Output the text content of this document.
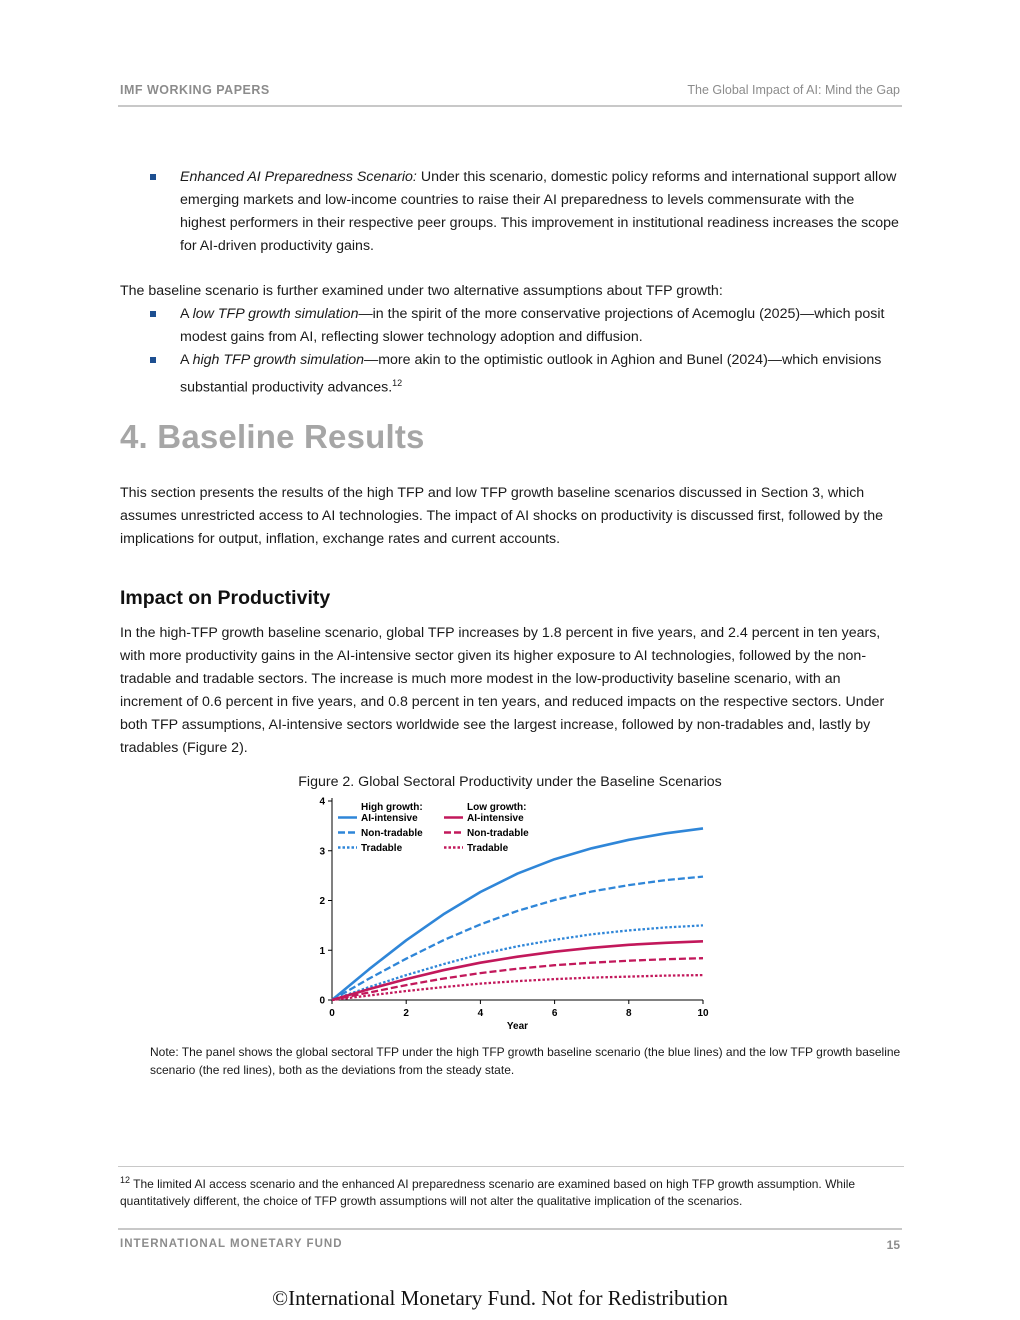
IMF WORKING PAPERS	The Global Impact of AI: Mind the Gap
Enhanced AI Preparedness Scenario: Under this scenario, domestic policy reforms and international support allow emerging markets and low-income countries to raise their AI preparedness to levels commensurate with the highest performers in their respective peer groups. This improvement in institutional readiness increases the scope for AI-driven productivity gains.
The baseline scenario is further examined under two alternative assumptions about TFP growth:
A low TFP growth simulation—in the spirit of the more conservative projections of Acemoglu (2025)—which posit modest gains from AI, reflecting slower technology adoption and diffusion.
A high TFP growth simulation—more akin to the optimistic outlook in Aghion and Bunel (2024)—which envisions substantial productivity advances.$^{12}$
4. Baseline Results
This section presents the results of the high TFP and low TFP growth baseline scenarios discussed in Section 3, which assumes unrestricted access to AI technologies. The impact of AI shocks on productivity is discussed first, followed by the implications for output, inflation, exchange rates and current accounts.
Impact on Productivity
In the high-TFP growth baseline scenario, global TFP increases by 1.8 percent in five years, and 2.4 percent in ten years, with more productivity gains in the AI-intensive sector given its higher exposure to AI technologies, followed by the non-tradable and tradable sectors. The increase is much more modest in the low-productivity baseline scenario, with an increment of 0.6 percent in five years, and 0.8 percent in ten years, and reduced impacts on the respective sectors. Under both TFP assumptions, AI-intensive sectors worldwide see the largest increase, followed by non-tradables and, lastly by tradables (Figure 2).
Figure 2. Global Sectoral Productivity under the Baseline Scenarios
0
1
2
3
4
0	2	4	6	8	10
Year
High growth:
AI-intensive
Non-tradable
Tradable
Low growth:
AI-intensive
Non-tradable
Tradable
Note: The panel shows the global sectoral TFP under the high TFP growth baseline scenario (the blue lines) and the low TFP growth baseline scenario (the red lines), both as the deviations from the steady state.
$^{12}$ The limited AI access scenario and the enhanced AI preparedness scenario are examined based on high TFP growth assumption. While quantitatively different, the choice of TFP growth assumptions will not alter the qualitative implication of the scenarios.
INTERNATIONAL MONETARY FUND	15
©International Monetary Fund. Not for Redistribution
